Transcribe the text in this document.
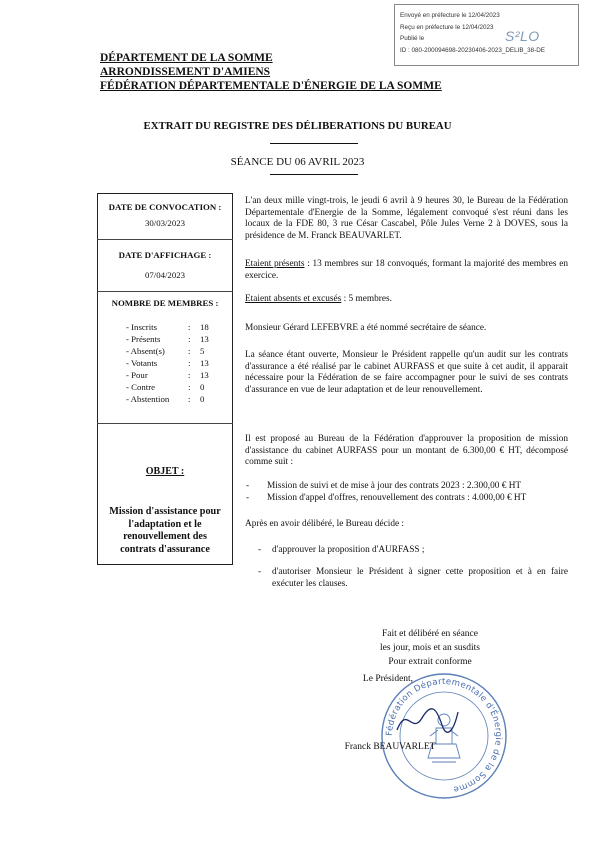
Envoyé en préfecture le 12/04/2023
Reçu en préfecture le 12/04/2023
Publié le
ID : 080-200094698-20230406-2023_DELIB_38-DE
S²LO
DÉPARTEMENT DE LA SOMME
ARRONDISSEMENT D'AMIENS
FÉDÉRATION DÉPARTEMENTALE D'ÉNERGIE DE LA SOMME
EXTRAIT DU REGISTRE DES DÉLIBERATIONS DU BUREAU
SÉANCE DU 06 AVRIL 2023
DATE DE CONVOCATION :
30/03/2023
DATE D'AFFICHAGE :
07/04/2023
NOMBRE DE MEMBRES :
- Inscrits	: 18
- Présents	: 13
- Absent(s)	: 5
- Votants	: 13
- Pour	: 13
- Contre	: 0
- Abstention : 0
OBJET :
Mission d'assistance pour l'adaptation et le renouvellement des contrats d'assurance
L'an deux mille vingt-trois, le jeudi 6 avril à 9 heures 30, le Bureau de la Fédération Départementale d'Energie de la Somme, légalement convoqué s'est réuni dans les locaux de la FDE 80, 3 rue César Cascabel, Pôle Jules Verne 2 à DOVES, sous la présidence de M. Franck BEAUVARLET.
Etaient présents : 13 membres sur 18 convoqués, formant la majorité des membres en exercice.
Etaient absents et excusés : 5 membres.
Monsieur Gérard LEFEBVRE a été nommé secrétaire de séance.
La séance étant ouverte, Monsieur le Président rappelle qu'un audit sur les contrats d'assurance a été réalisé par le cabinet AURFASS et que suite à cet audit, il apparait nécessaire pour la Fédération de se faire accompagner pour le suivi de ses contrats d'assurance en vue de leur adaptation et de leur renouvellement.
Il est proposé au Bureau de la Fédération d'approuver la proposition de mission d'assistance du cabinet AURFASS pour un montant de 6.300,00 € HT, décomposé comme suit :
- Mission de suivi et de mise à jour des contrats 2023 : 2.300,00 € HT
- Mission d'appel d'offres, renouvellement des contrats : 4.000,00 € HT
Après en avoir délibéré, le Bureau décide :
- d'approuver la proposition d'AURFASS ;
- d'autoriser Monsieur le Président à signer cette proposition et à en faire exécuter les clauses.
Fait et délibéré en séance
les jour, mois et an susdits
Pour extrait conforme
Le Président,
Fédération Départementale d'Énergie de la Somme
Franck BEAUVARLET
